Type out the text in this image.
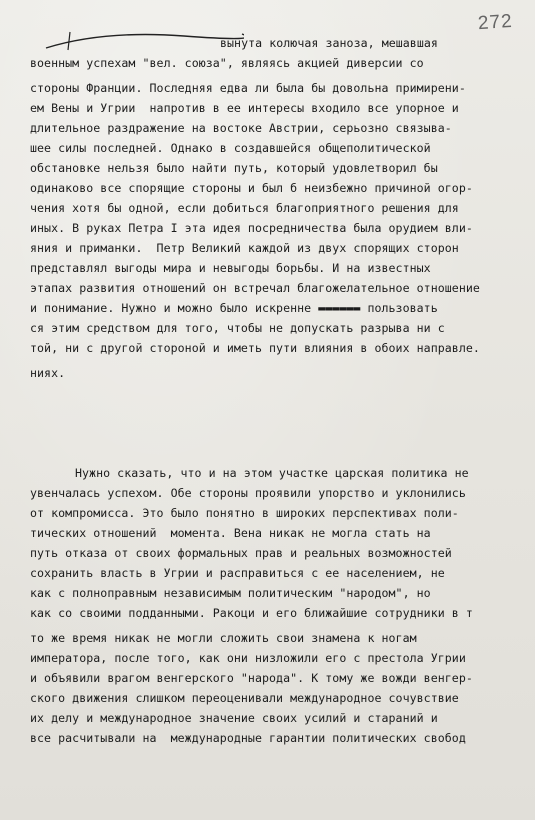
272
вынута колючая заноза, мешавшая
военным успехам "вел. союза", являясь акцией диверсии со
стороны Франции. Последняя едва ли была бы довольна примирени-
ем Вены и Угрии  напротив в ее интересы входило все упорное и
длительное раздражение на востоке Австрии, серьозно связыва-
шее силы последней. Однако в создавшейся общеполитической
обстановке нельзя было найти путь, который удовлетворил бы
одинаково все спорящие стороны и был б неизбежно причиной огор-
чения хотя бы одной, если добиться благоприятного решения для
иных. В руках Петра I эта идея посредничества была орудием вли-
яния и приманки.  Петр Великий каждой из двух спорящих сторон
представлял выгоды мира и невыгоды борьбы. И на известных
этапах развития отношений он встречал благожелательное отношение
и понимание. Нужно и можно было искренне ▬▬▬▬▬▬ пользовать
ся этим средством для того, чтобы не допускать разрыва ни с
той, ни с другой стороной и иметь пути влияния в обоих направле.
ниях.
Нужно сказать, что и на этом участке царская политика не
увенчалась успехом. Обе стороны проявили упорство и уклонились
от компромисса. Это было понятно в широких перспективах поли-
тических отношений  момента. Вена никак не могла стать на
путь отказа от своих формальных прав и реальных возможностей
сохранить власть в Угрии и расправиться с ее населением, не
как с полноправным независимым политическим "народом", но
как со своими подданными. Ракоци и его ближайшие сотрудники в т
то же время никак не могли сложить свои знамена к ногам
императора, после того, как они низложили его с престола Угрии
и объявили врагом венгерского "народа". К тому же вожди венгер-
ского движения слишком переоценивали международное сочувствие
их делу и международное значение своих усилий и стараний и
все расчитывали на  международные гарантии политических свобод
